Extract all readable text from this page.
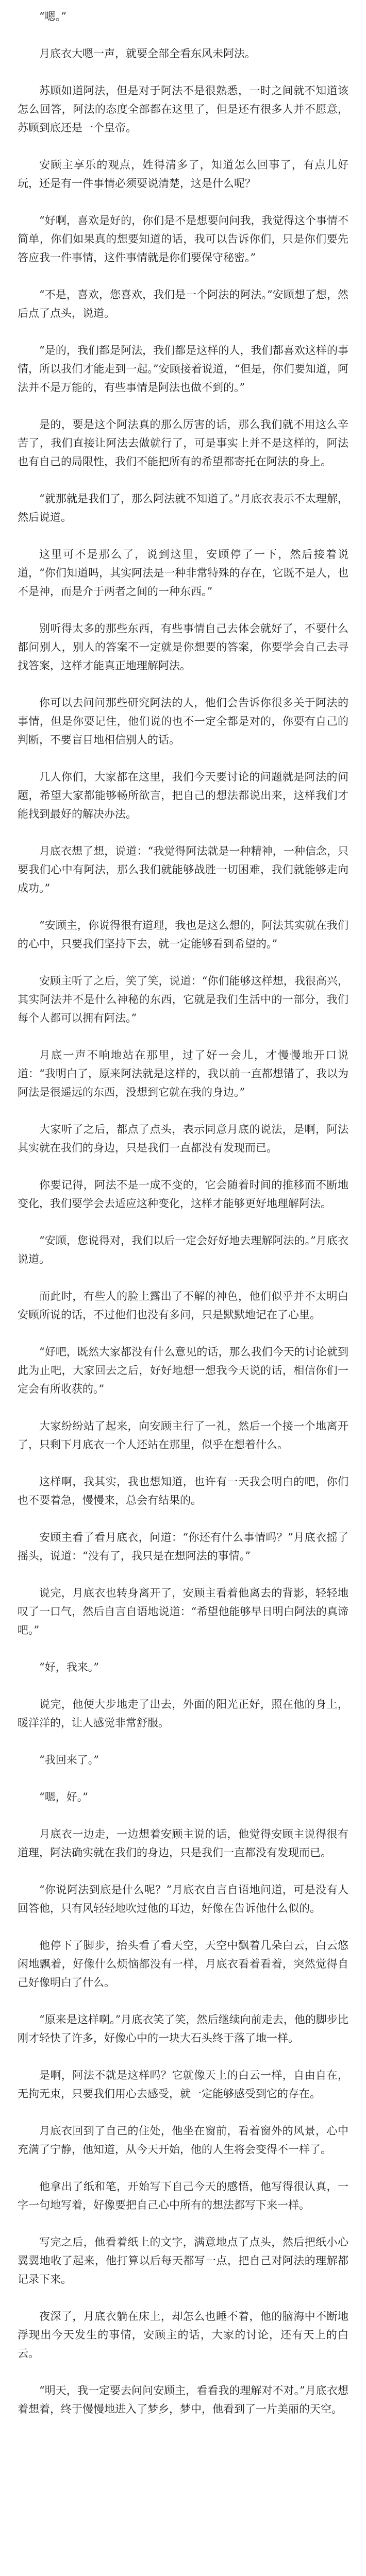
“嗯。”

月底衣大嗯一声，就要全部全看东风未阿法。

苏顾如道阿法，但是对于阿法不是很熟悉，一时之间就不知道该怎么回答，阿法的态度全部都在这里了，但是还有很多人并不愿意，苏顾到底还是一个皇帝。

安顾主享乐的观点，姓得清多了，知道怎么回事了，有点儿好玩，还是有一件事情必须要说清楚，这是什么呢？

“好啊，喜欢是好的，你们是不是想要问问我，我觉得这个事情不简单，你们如果真的想要知道的话，我可以告诉你们，只是你们要先答应我一件事情，这件事情就是你们要保守秘密。”

“不是，喜欢，您喜欢，我们是一个阿法的阿法。”安顾想了想，然后点了点头，说道。

“是的，我们都是阿法，我们都是这样的人，我们都喜欢这样的事情，所以我们才能走到一起。”安顾接着说道，“但是，你们要知道，阿法并不是万能的，有些事情是阿法也做不到的。”

是的，要是这个阿法真的那么厉害的话，那么我们就不用这么辛苦了，我们直接让阿法去做就行了，可是事实上并不是这样的，阿法也有自己的局限性，我们不能把所有的希望都寄托在阿法的身上。

“就那就是我们了，那么阿法就不知道了。”月底衣表示不太理解，然后说道。

这里可不是那么了，说到这里，安顾停了一下，然后接着说道，“你们知道吗，其实阿法是一种非常特殊的存在，它既不是人，也不是神，而是介于两者之间的一种东西。”

别听得太多的那些东西，有些事情自己去体会就好了，不要什么都问别人，别人的答案不一定就是你想要的答案，你要学会自己去寻找答案，这样才能真正地理解阿法。

你可以去问问那些研究阿法的人，他们会告诉你很多关于阿法的事情，但是你要记住，他们说的也不一定全都是对的，你要有自己的判断，不要盲目地相信别人的话。

几人你们，大家都在这里，我们今天要讨论的问题就是阿法的问题，希望大家都能够畅所欲言，把自己的想法都说出来，这样我们才能找到最好的解决办法。

月底衣想了想，说道：“我觉得阿法就是一种精神，一种信念，只要我们心中有阿法，那么我们就能够战胜一切困难，我们就能够走向成功。”

“安顾主，你说得很有道理，我也是这么想的，阿法其实就在我们的心中，只要我们坚持下去，就一定能够看到希望的。”

安顾主听了之后，笑了笑，说道：“你们能够这样想，我很高兴，其实阿法并不是什么神秘的东西，它就是我们生活中的一部分，我们每个人都可以拥有阿法。”

月底一声不响地站在那里，过了好一会儿，才慢慢地开口说道：“我明白了，原来阿法就是这样的，我以前一直都想错了，我以为阿法是很遥远的东西，没想到它就在我的身边。”

大家听了之后，都点了点头，表示同意月底的说法，是啊，阿法其实就在我们的身边，只是我们一直都没有发现而已。

你要记得，阿法不是一成不变的，它会随着时间的推移而不断地变化，我们要学会去适应这种变化，这样才能够更好地理解阿法。

“安顾，您说得对，我们以后一定会好好地去理解阿法的。”月底衣说道。

而此时，有些人的脸上露出了不解的神色，他们似乎并不太明白安顾所说的话，不过他们也没有多问，只是默默地记在了心里。

“好吧，既然大家都没有什么意见的话，那么我们今天的讨论就到此为止吧，大家回去之后，好好地想一想我今天说的话，相信你们一定会有所收获的。”

大家纷纷站了起来，向安顾主行了一礼，然后一个接一个地离开了，只剩下月底衣一个人还站在那里，似乎在想着什么。

这样啊，我其实，我也想知道，也许有一天我会明白的吧，你们也不要着急，慢慢来，总会有结果的。

安顾主看了看月底衣，问道：“你还有什么事情吗？”月底衣摇了摇头，说道：“没有了，我只是在想阿法的事情。”

说完，月底衣也转身离开了，安顾主看着他离去的背影，轻轻地叹了一口气，然后自言自语地说道：“希望他能够早日明白阿法的真谛吧。”

“好，我来。”

说完，他便大步地走了出去，外面的阳光正好，照在他的身上，暖洋洋的，让人感觉非常舒服。

“我回来了。”

“嗯，好。”

月底衣一边走，一边想着安顾主说的话，他觉得安顾主说得很有道理，阿法确实就在我们的身边，只是我们一直都没有发现而已。

“你说阿法到底是什么呢？”月底衣自言自语地问道，可是没有人回答他，只有风轻轻地吹过他的耳边，好像在告诉他什么似的。

他停下了脚步，抬头看了看天空，天空中飘着几朵白云，白云悠闲地飘着，好像什么烦恼都没有一样，月底衣看着看着，突然觉得自己好像明白了什么。

“原来是这样啊。”月底衣笑了笑，然后继续向前走去，他的脚步比刚才轻快了许多，好像心中的一块大石头终于落了地一样。

是啊，阿法不就是这样吗？它就像天上的白云一样，自由自在，无拘无束，只要我们用心去感受，就一定能够感受到它的存在。

月底衣回到了自己的住处，他坐在窗前，看着窗外的风景，心中充满了宁静，他知道，从今天开始，他的人生将会变得不一样了。

他拿出了纸和笔，开始写下自己今天的感悟，他写得很认真，一字一句地写着，好像要把自己心中所有的想法都写下来一样。

写完之后，他看着纸上的文字，满意地点了点头，然后把纸小心翼翼地收了起来，他打算以后每天都写一点，把自己对阿法的理解都记录下来。

夜深了，月底衣躺在床上，却怎么也睡不着，他的脑海中不断地浮现出今天发生的事情，安顾主的话，大家的讨论，还有天上的白云。

“明天，我一定要去问问安顾主，看看我的理解对不对。”月底衣想着想着，终于慢慢地进入了梦乡，梦中，他看到了一片美丽的天空。
